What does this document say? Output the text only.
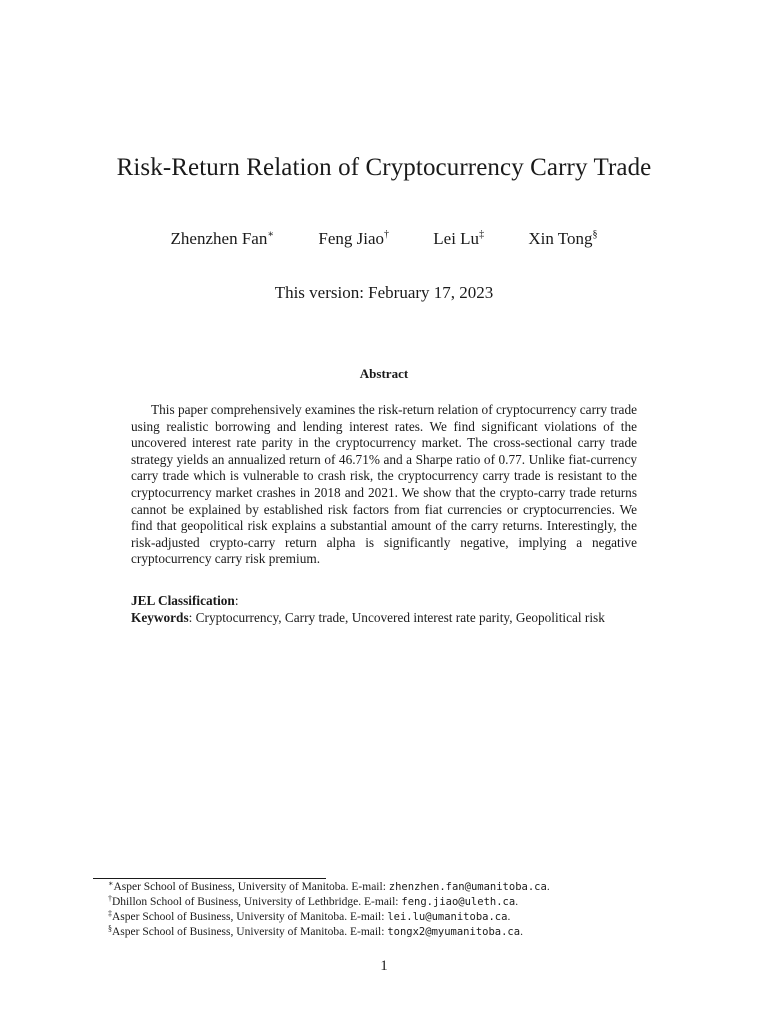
Risk-Return Relation of Cryptocurrency Carry Trade
Zhenzhen Fan∗	Feng Jiao†	Lei Lu‡	Xin Tong§
This version: February 17, 2023
Abstract

This paper comprehensively examines the risk-return relation of cryptocurrency carry trade using realistic borrowing and lending interest rates. We find significant violations of the uncovered interest rate parity in the cryptocurrency market. The cross-sectional carry trade strategy yields an annualized return of 46.71% and a Sharpe ratio of 0.77. Unlike fiat-currency carry trade which is vulnerable to crash risk, the cryptocurrency carry trade is resistant to the cryptocurrency market crashes in 2018 and 2021. We show that the crypto-carry trade returns cannot be explained by established risk factors from fiat currencies or cryptocurrencies. We find that geopolitical risk explains a substantial amount of the carry returns. Interestingly, the risk-adjusted crypto-carry return alpha is significantly negative, implying a negative cryptocurrency carry risk premium.

JEL Classification:
Keywords: Cryptocurrency, Carry trade, Uncovered interest rate parity, Geopolitical risk
∗Asper School of Business, University of Manitoba. E-mail: zhenzhen.fan@umanitoba.ca.
†Dhillon School of Business, University of Lethbridge. E-mail: feng.jiao@uleth.ca.
‡Asper School of Business, University of Manitoba. E-mail: lei.lu@umanitoba.ca.
§Asper School of Business, University of Manitoba. E-mail: tongx2@myumanitoba.ca.
1
